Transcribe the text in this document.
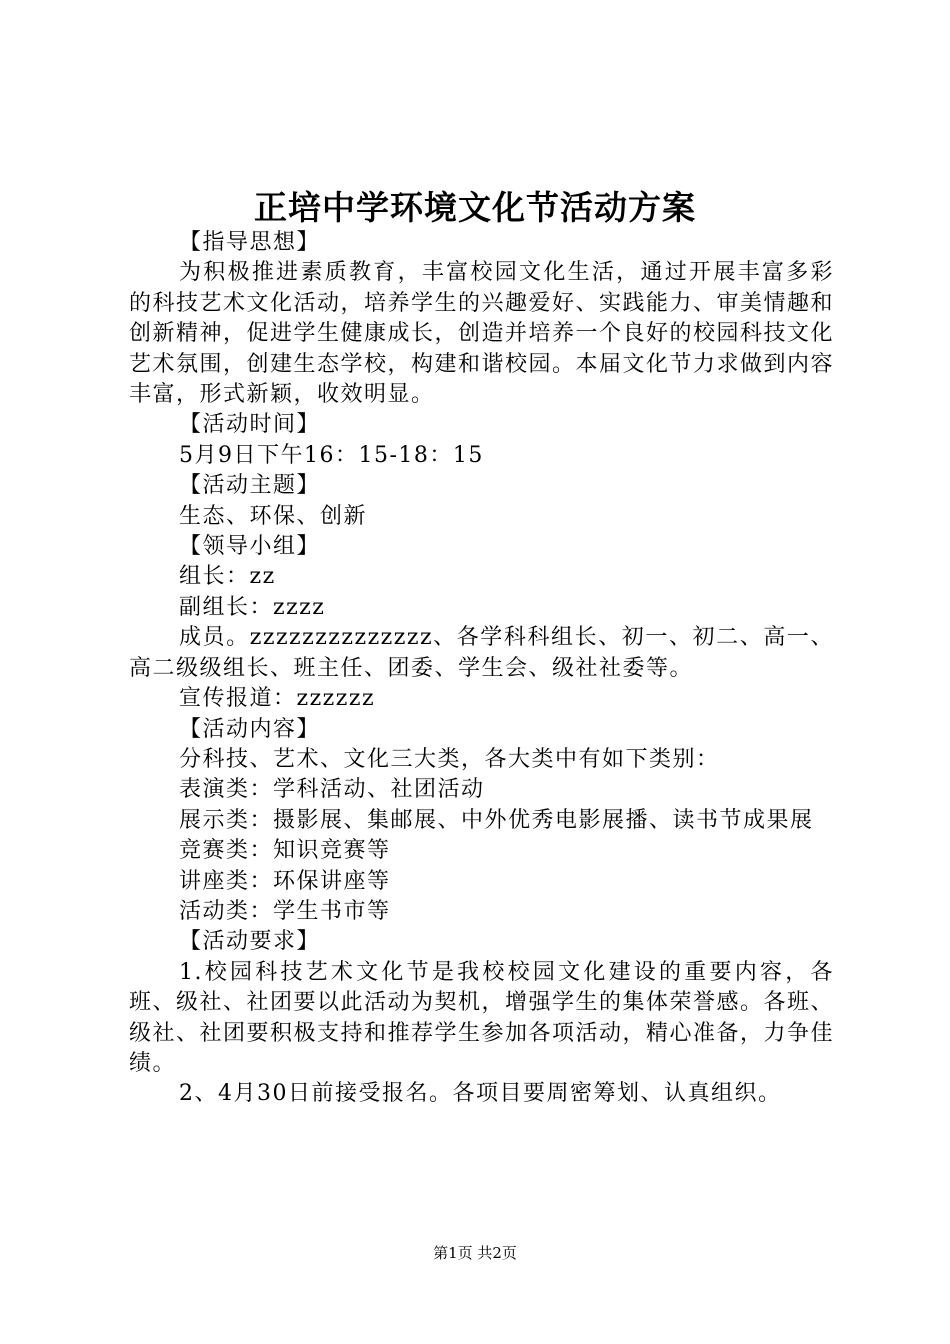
正培中学环境文化节活动方案

【指导思想】

为积极推进素质教育，丰富校园文化生活，通过开展丰富多彩的科技艺术文化活动，培养学生的兴趣爱好、实践能力、审美情趣和创新精神，促进学生健康成长，创造并培养一个良好的校园科技文化艺术氛围，创建生态学校，构建和谐校园。本届文化节力求做到内容丰富，形式新颖，收效明显。

【活动时间】

5月9日下午16：15-18：15

【活动主题】

生态、环保、创新

【领导小组】

组长：zz

副组长：zzzz

成员。zzzzzzzzzzzzzz、各学科科组长、初一、初二、高一、高二级级组长、班主任、团委、学生会、级社社委等。

宣传报道：zzzzzz

【活动内容】

分科技、艺术、文化三大类，各大类中有如下类别：

表演类：学科活动、社团活动

展示类：摄影展、集邮展、中外优秀电影展播、读书节成果展

竞赛类：知识竞赛等

讲座类：环保讲座等

活动类：学生书市等

【活动要求】

1.校园科技艺术文化节是我校校园文化建设的重要内容，各班、级社、社团要以此活动为契机，增强学生的集体荣誉感。各班、级社、社团要积极支持和推荐学生参加各项活动，精心准备，力争佳绩。

2、4月30日前接受报名。各项目要周密筹划、认真组织。

第1页 共2页
